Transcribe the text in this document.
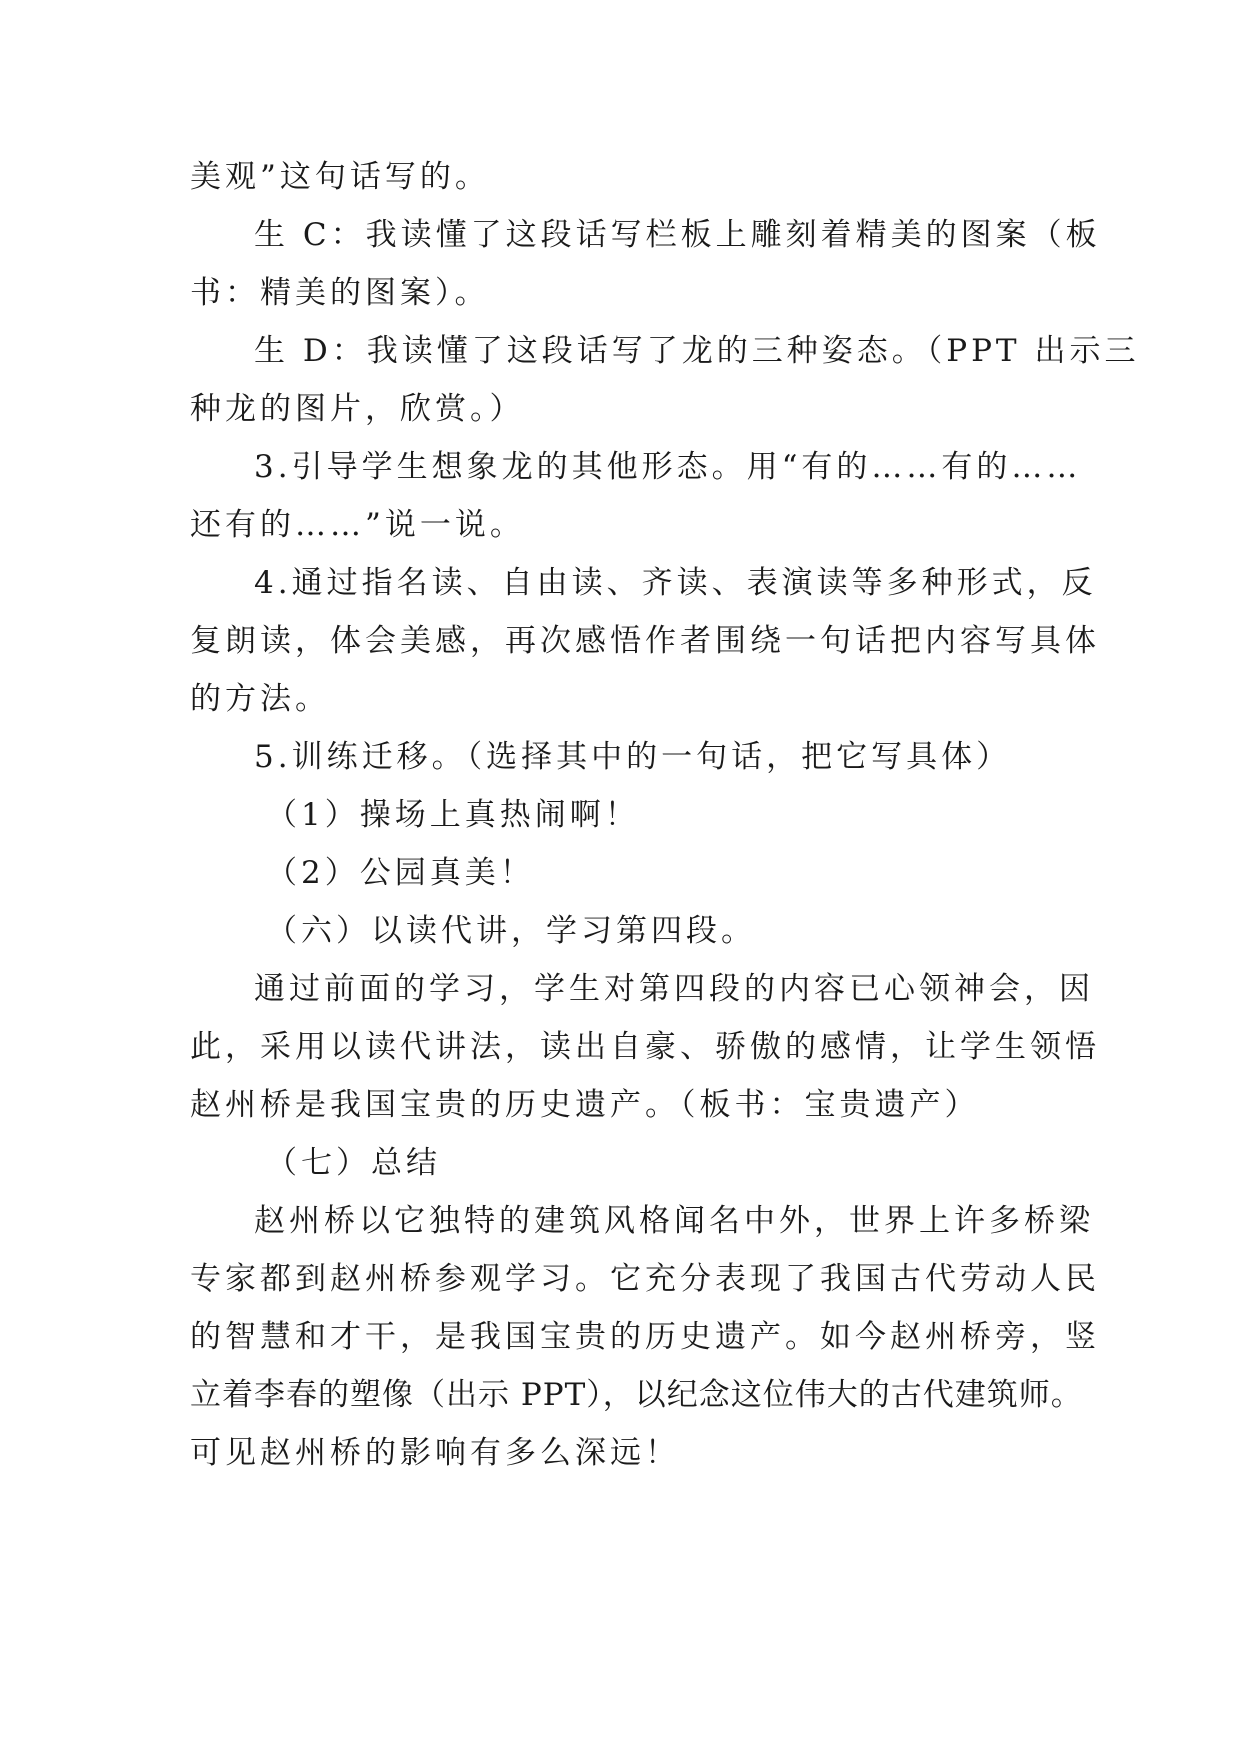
美观”这句话写的。
生 C：我读懂了这段话写栏板上雕刻着精美的图案（板
书：精美的图案）。
生 D：我读懂了这段话写了龙的三种姿态。（PPT 出示三
种龙的图片，欣赏。）
3.引导学生想象龙的其他形态。用“有的……有的……
还有的……”说一说。
4.通过指名读、自由读、齐读、表演读等多种形式，反
复朗读，体会美感，再次感悟作者围绕一句话把内容写具体
的方法。
5.训练迁移。（选择其中的一句话，把它写具体）
（1）操场上真热闹啊！
（2）公园真美！
（六）以读代讲，学习第四段。
通过前面的学习，学生对第四段的内容已心领神会，因
此，采用以读代讲法，读出自豪、骄傲的感情，让学生领悟
赵州桥是我国宝贵的历史遗产。（板书：宝贵遗产）
（七）总结
赵州桥以它独特的建筑风格闻名中外，世界上许多桥梁
专家都到赵州桥参观学习。它充分表现了我国古代劳动人民
的智慧和才干，是我国宝贵的历史遗产。如今赵州桥旁，竖
立着李春的塑像（出示 PPT），以纪念这位伟大的古代建筑师。
可见赵州桥的影响有多么深远！
